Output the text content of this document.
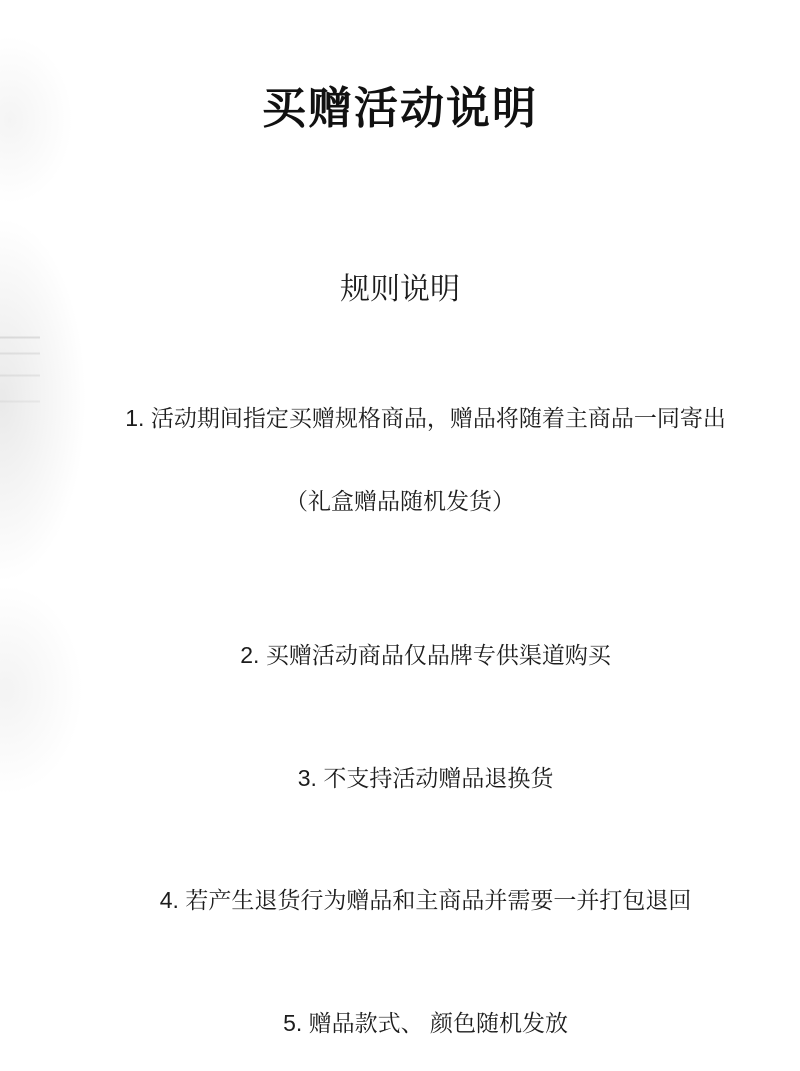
买赠活动说明
规则说明

1. 活动期间指定买赠规格商品，赠品将随着主商品一同寄出

（礼盒赠品随机发货）

2. 买赠活动商品仅品牌专供渠道购买

3. 不支持活动赠品退换货

4. 若产生退货行为赠品和主商品并需要一并打包退回

5. 赠品款式、 颜色随机发放
